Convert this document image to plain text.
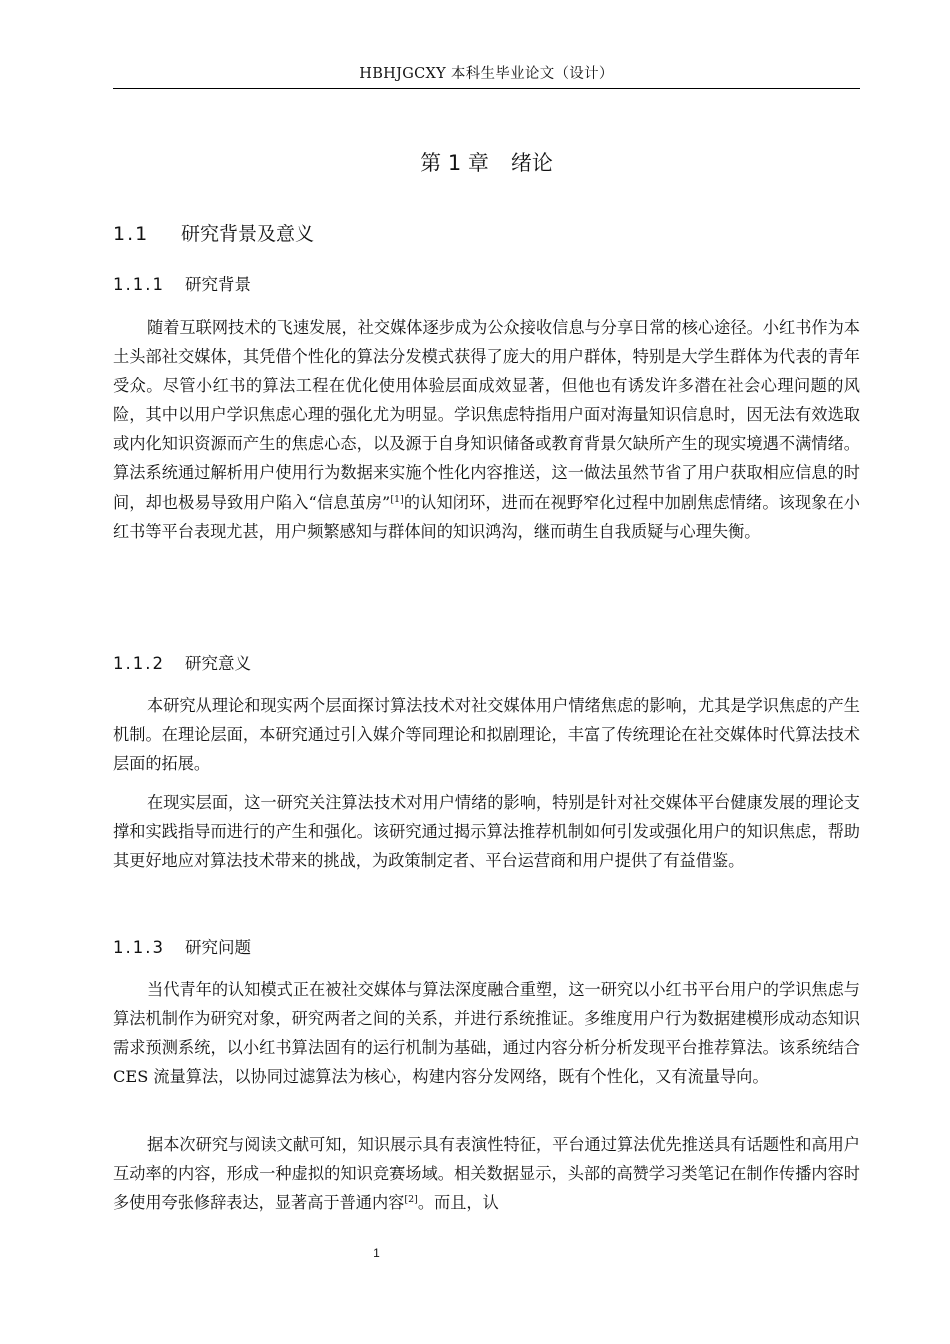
HBHJGCXY 本科生毕业论文（设计）
第 1 章 绪论
1.1 研究背景及意义
1.1.1 研究背景

随着互联网技术的飞速发展，社交媒体逐步成为公众接收信息与分享日常的核心途径。小红书作为本土头部社交媒体，其凭借个性化的算法分发模式获得了庞大的用户群体，特别是大学生群体为代表的青年受众。尽管小红书的算法工程在优化使用体验层面成效显著，但他也有诱发许多潜在社会心理问题的风险，其中以用户学识焦虑心理的强化尤为明显。学识焦虑特指用户面对海量知识信息时，因无法有效选取或内化知识资源而产生的焦虑心态，以及源于自身知识储备或教育背景欠缺所产生的现实境遇不满情绪。算法系统通过解析用户使用行为数据来实施个性化内容推送，这一做法虽然节省了用户获取相应信息的时间，却也极易导致用户陷入“信息茧房”[1]的认知闭环，进而在视野窄化过程中加剧焦虑情绪。该现象在小红书等平台表现尤甚，用户频繁感知与群体间的知识鸿沟，继而萌生自我质疑与心理失衡。

1.1.2 研究意义

本研究从理论和现实两个层面探讨算法技术对社交媒体用户情绪焦虑的影响，尤其是学识焦虑的产生机制。在理论层面，本研究通过引入媒介等同理论和拟剧理论，丰富了传统理论在社交媒体时代算法技术层面的拓展。

在现实层面，这一研究关注算法技术对用户情绪的影响，特别是针对社交媒体平台健康发展的理论支撑和实践指导而进行的产生和强化。该研究通过揭示算法推荐机制如何引发或强化用户的知识焦虑，帮助其更好地应对算法技术带来的挑战，为政策制定者、平台运营商和用户提供了有益借鉴。

1.1.3 研究问题

当代青年的认知模式正在被社交媒体与算法深度融合重塑，这一研究以小红书平台用户的学识焦虑与算法机制作为研究对象，研究两者之间的关系，并进行系统推证。多维度用户行为数据建模形成动态知识需求预测系统，以小红书算法固有的运行机制为基础，通过内容分析分析发现平台推荐算法。该系统结合 CES 流量算法，以协同过滤算法为核心，构建内容分发网络，既有个性化，又有流量导向。

据本次研究与阅读文献可知，知识展示具有表演性特征，平台通过算法优先推送具有话题性和高用户互动率的内容，形成一种虚拟的知识竞赛场域。相关数据显示，头部的高赞学习类笔记在制作传播内容时多使用夸张修辞表达，显著高于普通内容[2]。而且，认

1
